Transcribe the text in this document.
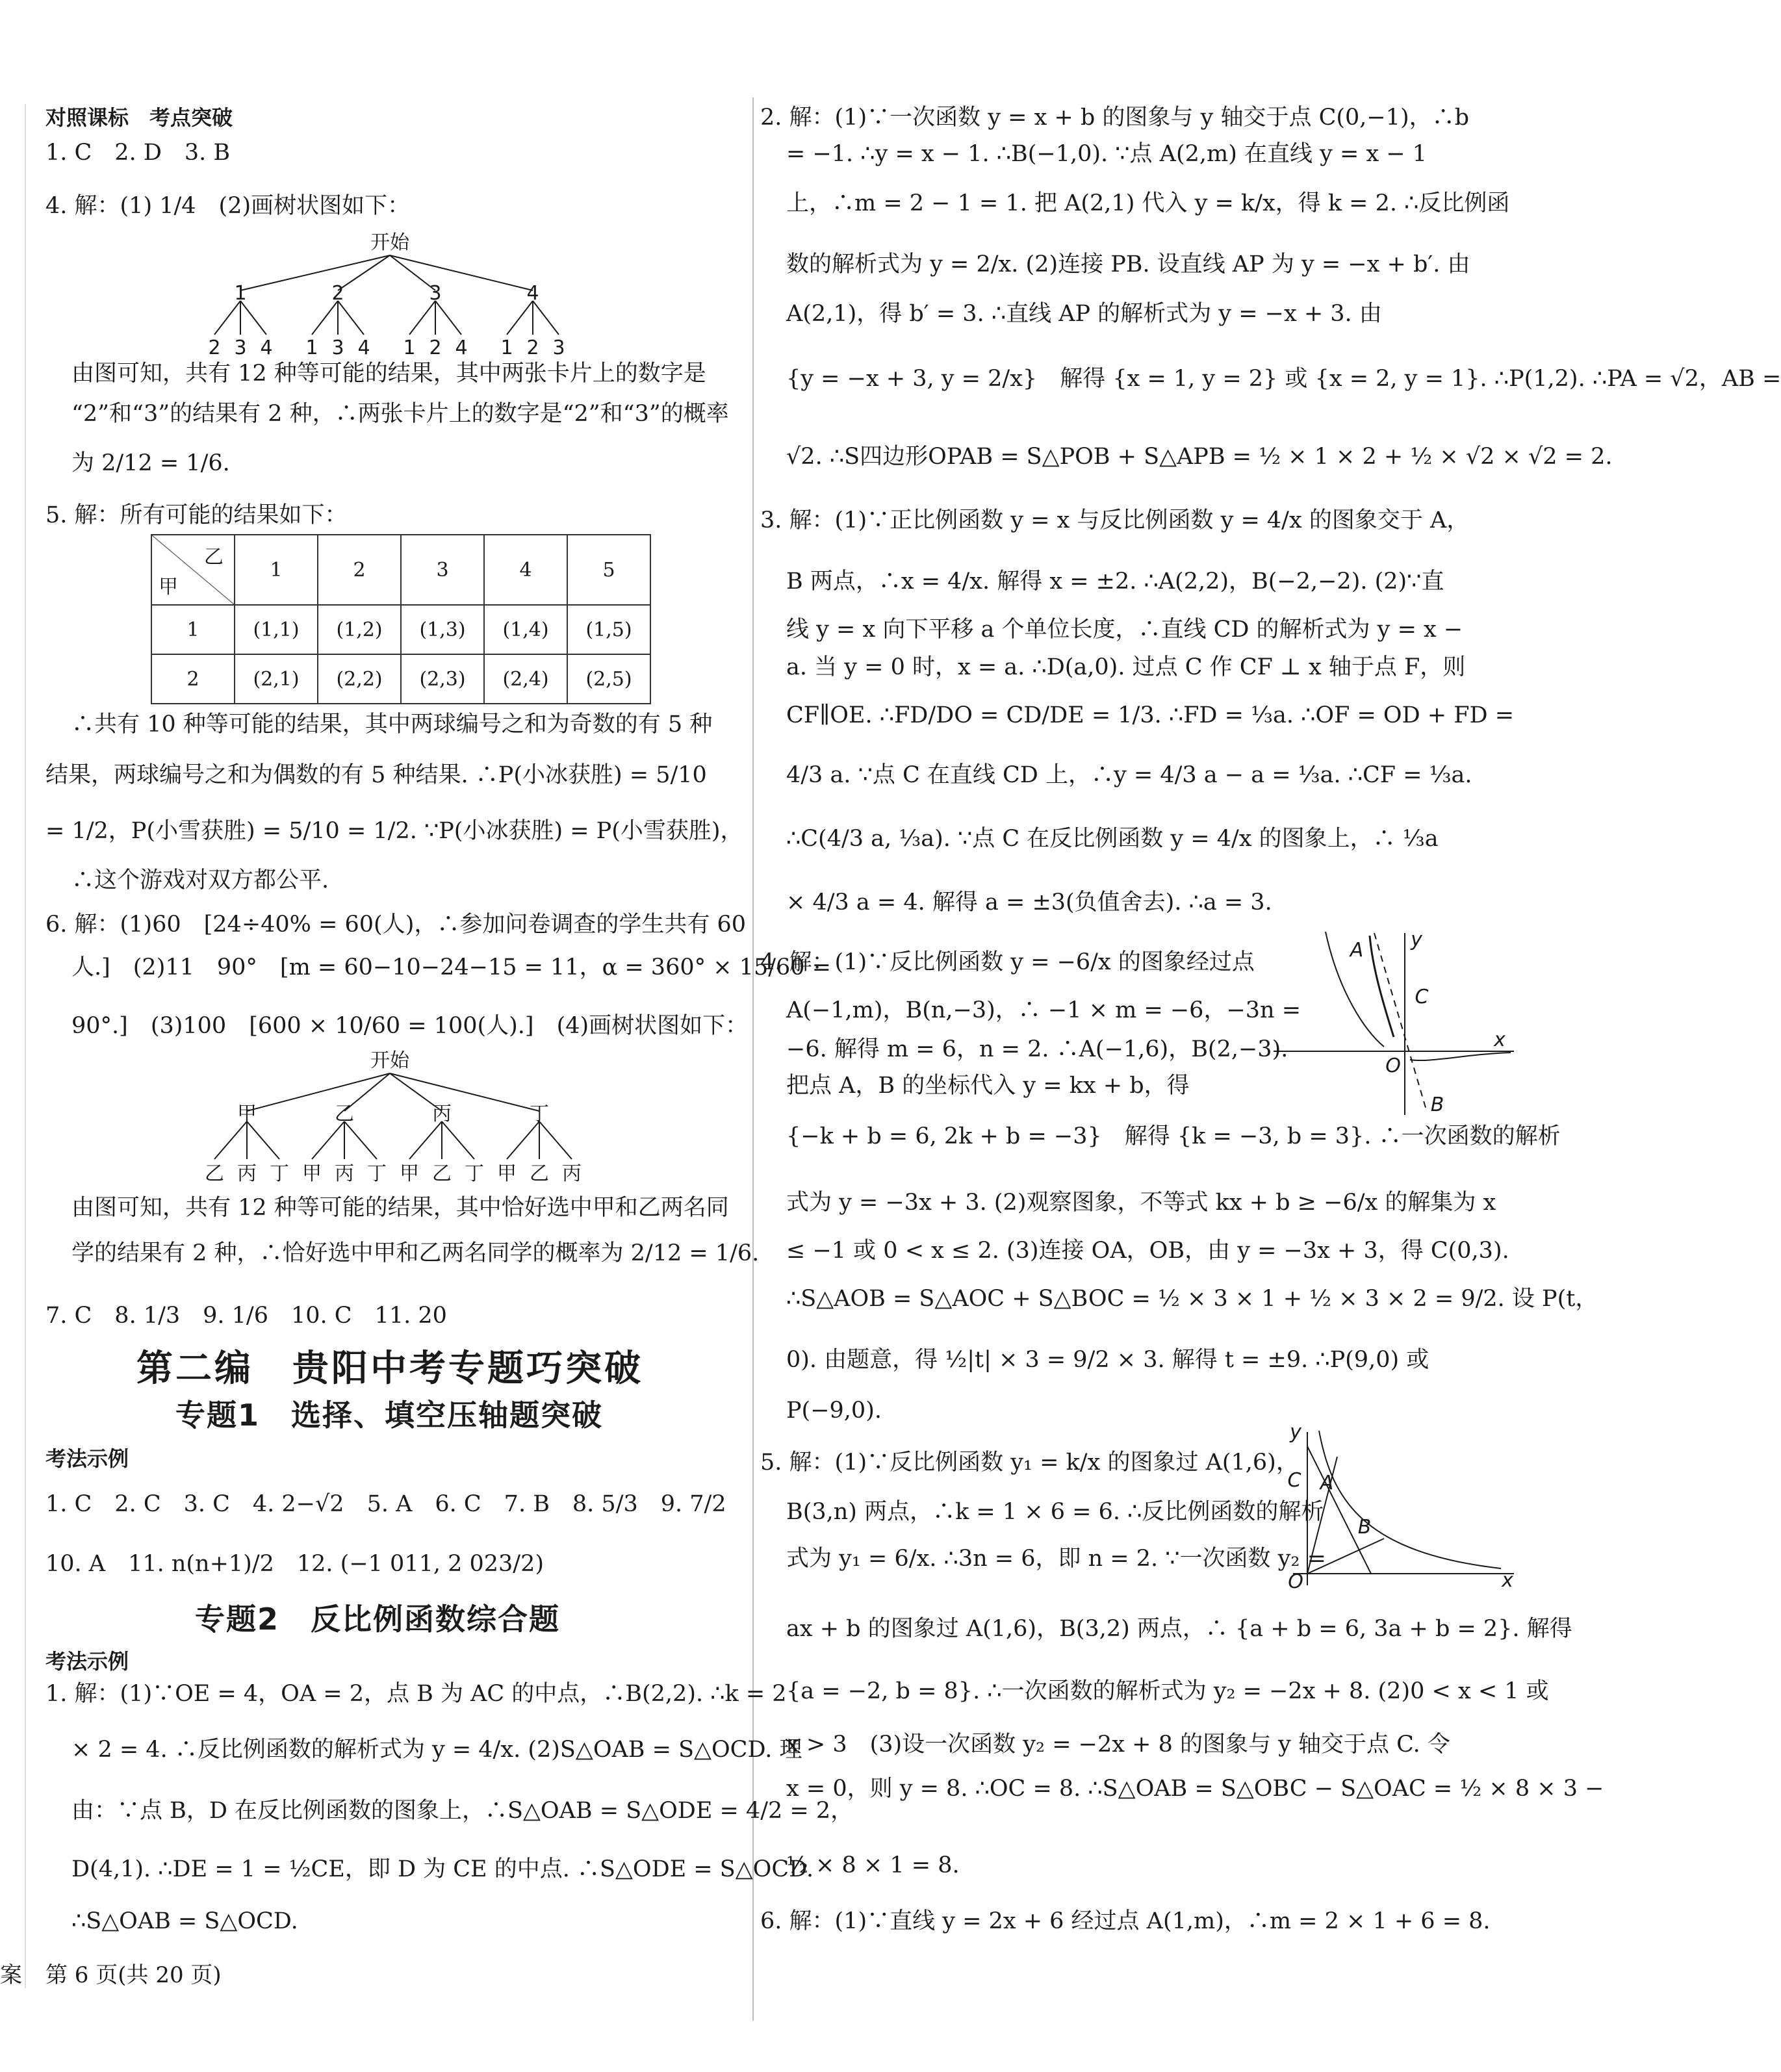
对照课标　考点突破
1. C　2. D　3. B
4. 解：(1) 1/4　(2)画树状图如下：
开始
1	2	3	4
2 3 4 1 3 4 1 2 4 1 2 3
由图可知，共有 12 种等可能的结果，其中两张卡片上的数字是
“2”和“3”的结果有 2 种，∴两张卡片上的数字是“2”和“3”的概率
为 2/12 = 1/6.
5. 解：所有可能的结果如下：
乙
甲	1	2	3	4	5
1	(1,1)	(1,2)	(1,3)	(1,4)	(1,5)
2	(2,1)	(2,2)	(2,3)	(2,4)	(2,5)
∴共有 10 种等可能的结果，其中两球编号之和为奇数的有 5 种
结果，两球编号之和为偶数的有 5 种结果. ∴P(小冰获胜) = 5/10
= 1/2，P(小雪获胜) = 5/10 = 1/2. ∵P(小冰获胜) = P(小雪获胜)，
∴这个游戏对双方都公平.
6. 解：(1)60　[24÷40% = 60(人)，∴参加问卷调查的学生共有 60
人.]　(2)11　90°　[m = 60−10−24−15 = 11，α = 360° × 15/60 =
90°.]　(3)100　[600 × 10/60 = 100(人).]　(4)画树状图如下：
开始
甲	乙	丙	丁
乙 丙 丁 甲 丙 丁 甲 乙 丁 甲 乙 丙
由图可知，共有 12 种等可能的结果，其中恰好选中甲和乙两名同
学的结果有 2 种，∴恰好选中甲和乙两名同学的概率为 2/12 = 1/6.
7. C　8. 1/3　9. 1/6　10. C　11. 20
第二编　贵阳中考专题巧突破
专题1　选择、填空压轴题突破
考法示例
1. C　2. C　3. C　4. 2−√2　5. A　6. C　7. B　8. 5/3　9. 7/2
10. A　11. n(n+1)/2　12. (−1 011, 2 023/2)
专题2　反比例函数综合题
考法示例
1. 解：(1)∵OE = 4，OA = 2，点 B 为 AC 的中点，∴B(2,2). ∴k = 2
× 2 = 4. ∴反比例函数的解析式为 y = 4/x. (2)S△OAB = S△OCD. 理
由：∵点 B，D 在反比例函数的图象上，∴S△OAB = S△ODE = 4/2 = 2，
D(4,1). ∴DE = 1 = ½CE，即 D 为 CE 的中点. ∴S△ODE = S△OCD.
∴S△OAB = S△OCD.
2. 解：(1)∵一次函数 y = x + b 的图象与 y 轴交于点 C(0,−1)，∴b
= −1. ∴y = x − 1. ∴B(−1,0). ∵点 A(2,m) 在直线 y = x − 1
上，∴m = 2 − 1 = 1. 把 A(2,1) 代入 y = k/x，得 k = 2. ∴反比例函
数的解析式为 y = 2/x. (2)连接 PB. 设直线 AP 为 y = −x + b′. 由
A(2,1)，得 b′ = 3. ∴直线 AP 的解析式为 y = −x + 3. 由
{y = −x + 3, y = 2/x}　解得 {x = 1, y = 2} 或 {x = 2, y = 1}. ∴P(1,2). ∴PA = √2，AB =
√2. ∴S四边形OPAB = S△POB + S△APB = ½ × 1 × 2 + ½ × √2 × √2 = 2.
3. 解：(1)∵正比例函数 y = x 与反比例函数 y = 4/x 的图象交于 A，
B 两点，∴x = 4/x. 解得 x = ±2. ∴A(2,2)，B(−2,−2). (2)∵直
线 y = x 向下平移 a 个单位长度，∴直线 CD 的解析式为 y = x −
a. 当 y = 0 时，x = a. ∴D(a,0). 过点 C 作 CF ⊥ x 轴于点 F，则
CF∥OE. ∴FD/DO = CD/DE = 1/3. ∴FD = ⅓a. ∴OF = OD + FD =
4/3 a. ∵点 C 在直线 CD 上，∴y = 4/3 a − a = ⅓a. ∴CF = ⅓a.
∴C(4/3 a, ⅓a). ∵点 C 在反比例函数 y = 4/x 的图象上，∴ ⅓a
× 4/3 a = 4. 解得 a = ±3(负值舍去). ∴a = 3.
4. 解：(1)∵反比例函数 y = −6/x 的图象经过点
A(−1,m)，B(n,−3)，∴ −1 × m = −6，−3n =
−6. 解得 m = 6，n = 2. ∴A(−1,6)，B(2,−3).
把点 A，B 的坐标代入 y = kx + b，得
{−k + b = 6, 2k + b = −3}　解得 {k = −3, b = 3}. ∴一次函数的解析
A y
C
O
x
B
式为 y = −3x + 3. (2)观察图象，不等式 kx + b ≥ −6/x 的解集为 x
≤ −1 或 0 < x ≤ 2. (3)连接 OA，OB，由 y = −3x + 3，得 C(0,3).
∴S△AOB = S△AOC + S△BOC = ½ × 3 × 1 + ½ × 3 × 2 = 9/2. 设 P(t，
0). 由题意，得 ½|t| × 3 = 9/2 × 3. 解得 t = ±9. ∴P(9,0) 或
P(−9,0).
5. 解：(1)∵反比例函数 y₁ = k/x 的图象过 A(1,6)，
B(3,n) 两点，∴k = 1 × 6 = 6. ∴反比例函数的解析
式为 y₁ = 6/x. ∴3n = 6，即 n = 2. ∵一次函数 y₂ =
ax + b 的图象过 A(1,6)，B(3,2) 两点，∴ {a + b = 6, 3a + b = 2}. 解得
y
C A
B
O	x
{a = −2, b = 8}. ∴一次函数的解析式为 y₂ = −2x + 8. (2)0 < x < 1 或
x > 3　(3)设一次函数 y₂ = −2x + 8 的图象与 y 轴交于点 C. 令
x = 0，则 y = 8. ∴OC = 8. ∴S△OAB = S△OBC − S△OAC = ½ × 8 × 3 −
½ × 8 × 1 = 8.
6. 解：(1)∵直线 y = 2x + 6 经过点 A(1,m)，∴m = 2 × 1 + 6 = 8.
案 第 6 页(共 20 页)
